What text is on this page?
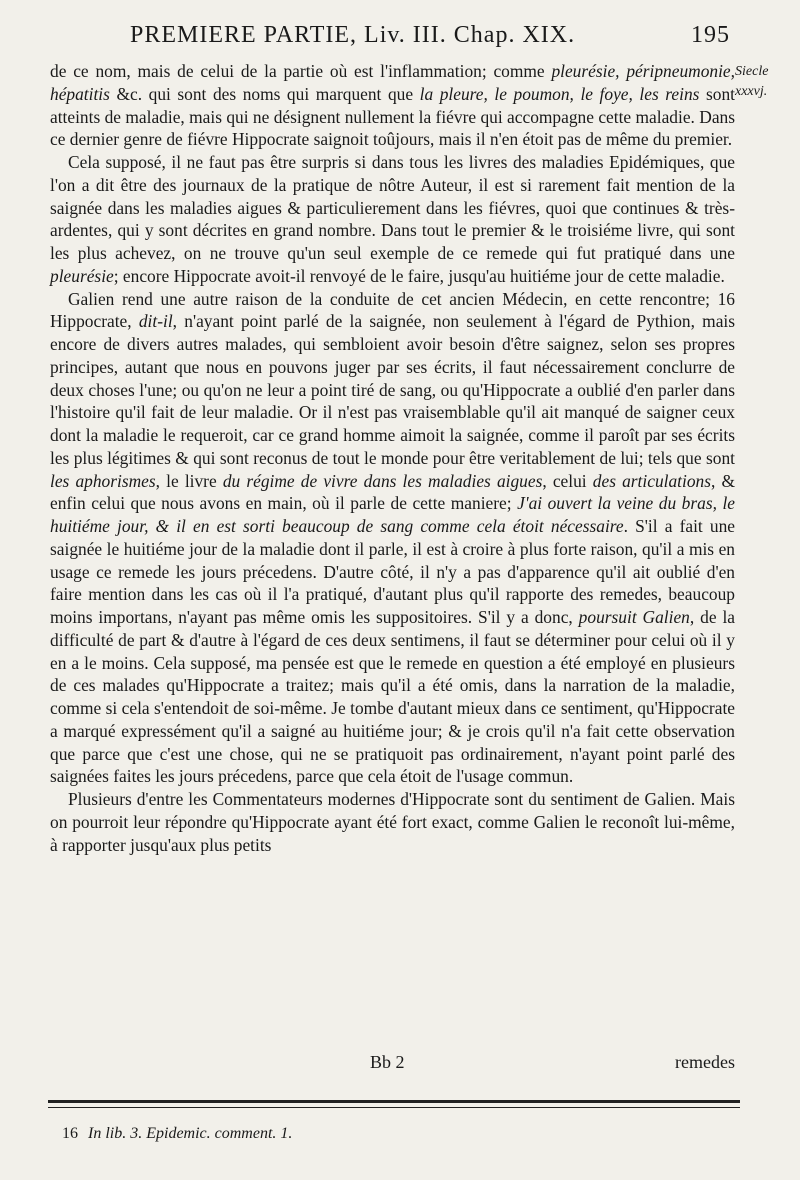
PREMIERE PARTIE, Liv. III. Chap. XIX.	195
Siecle
xxxvj.

de ce nom, mais de celui de la partie où est l'inflammation; comme pleurésie, péripneumonie, hépatitis &c. qui sont des noms qui marquent que la pleure, le poumon, le foye, les reins sont atteints de maladie, mais qui ne désignent nullement la fiévre qui accompagne cette maladie. Dans ce dernier genre de fiévre Hippocrate saignoit toûjours, mais il n'en étoit pas de même du premier.

Cela supposé, il ne faut pas être surpris si dans tous les livres des maladies Epidémiques, que l'on a dit être des journaux de la pratique de nôtre Auteur, il est si rarement fait mention de la saignée dans les maladies aigues & particulierement dans les fiévres, quoi que continues & très-ardentes, qui y sont décrites en grand nombre. Dans tout le premier & le troisiéme livre, qui sont les plus achevez, on ne trouve qu'un seul exemple de ce remede qui fut pratiqué dans une pleurésie; encore Hippocrate avoit-il renvoyé de le faire, jusqu'au huitiéme jour de cette maladie.

Galien rend une autre raison de la conduite de cet ancien Médecin, en cette rencontre; 16 Hippocrate, dit-il, n'ayant point parlé de la saignée, non seulement à l'égard de Pythion, mais encore de divers autres malades, qui sembloient avoir besoin d'être saignez, selon ses propres principes, autant que nous en pouvons juger par ses écrits, il faut nécessairement conclurre de deux choses l'une; ou qu'on ne leur a point tiré de sang, ou qu'Hippocrate a oublié d'en parler dans l'histoire qu'il fait de leur maladie. Or il n'est pas vraisemblable qu'il ait manqué de saigner ceux dont la maladie le requeroit, car ce grand homme aimoit la saignée, comme il paroît par ses écrits les plus légitimes & qui sont reconus de tout le monde pour être veritablement de lui; tels que sont les aphorismes, le livre du régime de vivre dans les maladies aigues, celui des articulations, & enfin celui que nous avons en main, où il parle de cette maniere; J'ai ouvert la veine du bras, le huitiéme jour, & il en est sorti beaucoup de sang comme cela étoit nécessaire. S'il a fait une saignée le huitiéme jour de la maladie dont il parle, il est à croire à plus forte raison, qu'il a mis en usage ce remede les jours précedens. D'autre côté, il n'y a pas d'apparence qu'il ait oublié d'en faire mention dans les cas où il l'a pratiqué, d'autant plus qu'il rapporte des remedes, beaucoup moins importans, n'ayant pas même omis les suppositoires. S'il y a donc, poursuit Galien, de la difficulté de part & d'autre à l'égard de ces deux sentimens, il faut se déterminer pour celui où il y en a le moins. Cela supposé, ma pensée est que le remede en question a été employé en plusieurs de ces malades qu'Hippocrate a traitez; mais qu'il a été omis, dans la narration de la maladie, comme si cela s'entendoit de soi-même. Je tombe d'autant mieux dans ce sentiment, qu'Hippocrate a marqué expressément qu'il a saigné au huitiéme jour; & je crois qu'il n'a fait cette observation que parce que c'est une chose, qui ne se pratiquoit pas ordinairement, n'ayant point parlé des saignées faites les jours précedens, parce que cela étoit de l'usage commun.

Plusieurs d'entre les Commentateurs modernes d'Hippocrate sont du sentiment de Galien. Mais on pourroit leur répondre qu'Hippocrate ayant été fort exact, comme Galien le reconoît lui-même, à rapporter jusqu'aux plus petits

Bb 2	remedes
16 In lib. 3. Epidemic. comment. 1.
